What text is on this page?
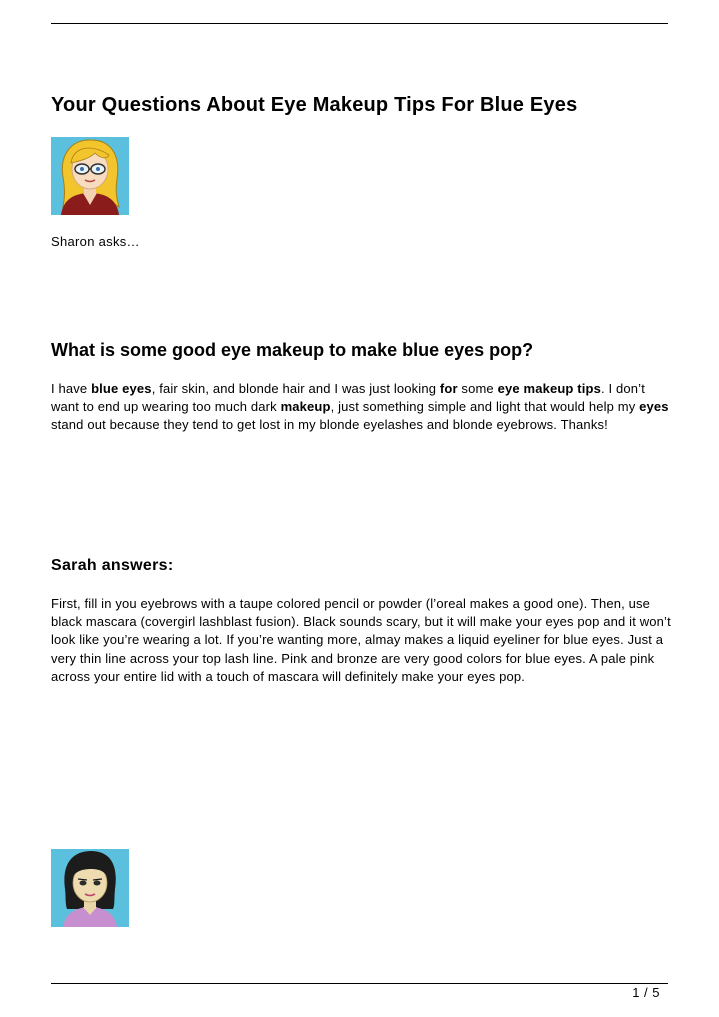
Your Questions About Eye Makeup Tips For Blue Eyes

Sharon asks…

What is some good eye makeup to make blue eyes pop?

I have blue eyes, fair skin, and blonde hair and I was just looking for some eye makeup tips. I don’t want to end up wearing too much dark makeup, just something simple and light that would help my eyes stand out because they tend to get lost in my blonde eyelashes and blonde eyebrows. Thanks!

Sarah answers:

First, fill in you eyebrows with a taupe colored pencil or powder (l’oreal makes a good one). Then, use black mascara (covergirl lashblast fusion). Black sounds scary, but it will make your eyes pop and it won’t look like you’re wearing a lot. If you’re wanting more, almay makes a liquid eyeliner for blue eyes. Just a very thin line across your top lash line. Pink and bronze are very good colors for blue eyes. A pale pink across your entire lid with a touch of mascara will definitely make your eyes pop.

1 / 5
